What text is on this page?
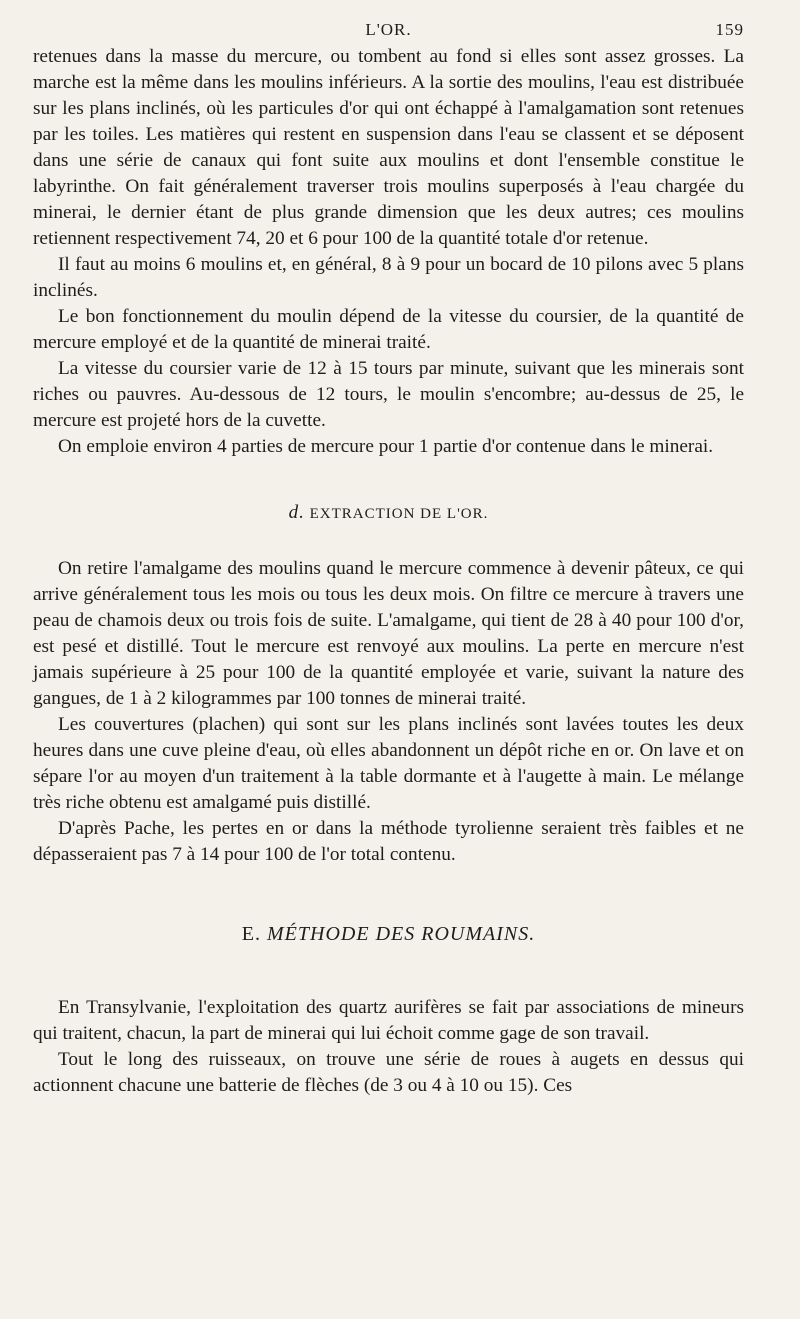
L'OR.	159

retenues dans la masse du mercure, ou tombent au fond si elles sont assez grosses. La marche est la même dans les moulins inférieurs. A la sortie des moulins, l'eau est distribuée sur les plans inclinés, où les particules d'or qui ont échappé à l'amalgamation sont retenues par les toiles. Les matières qui restent en suspension dans l'eau se classent et se déposent dans une série de canaux qui font suite aux moulins et dont l'ensemble constitue le labyrinthe. On fait généralement traverser trois moulins superposés à l'eau chargée du minerai, le dernier étant de plus grande dimension que les deux autres; ces moulins retiennent respectivement 74, 20 et 6 pour 100 de la quantité totale d'or retenue.

Il faut au moins 6 moulins et, en général, 8 à 9 pour un bocard de 10 pilons avec 5 plans inclinés.

Le bon fonctionnement du moulin dépend de la vitesse du coursier, de la quantité de mercure employé et de la quantité de minerai traité.

La vitesse du coursier varie de 12 à 15 tours par minute, suivant que les minerais sont riches ou pauvres. Au-dessous de 12 tours, le moulin s'encombre; au-dessus de 25, le mercure est projeté hors de la cuvette.

On emploie environ 4 parties de mercure pour 1 partie d'or contenue dans le minerai.

d. EXTRACTION DE L'OR.

On retire l'amalgame des moulins quand le mercure commence à devenir pâteux, ce qui arrive généralement tous les mois ou tous les deux mois. On filtre ce mercure à travers une peau de chamois deux ou trois fois de suite. L'amalgame, qui tient de 28 à 40 pour 100 d'or, est pesé et distillé. Tout le mercure est renvoyé aux moulins. La perte en mercure n'est jamais supérieure à 25 pour 100 de la quantité employée et varie, suivant la nature des gangues, de 1 à 2 kilogrammes par 100 tonnes de minerai traité.

Les couvertures (plachen) qui sont sur les plans inclinés sont lavées toutes les deux heures dans une cuve pleine d'eau, où elles abandonnent un dépôt riche en or. On lave et on sépare l'or au moyen d'un traitement à la table dormante et à l'augette à main. Le mélange très riche obtenu est amalgamé puis distillé.

D'après Pache, les pertes en or dans la méthode tyrolienne seraient très faibles et ne dépasseraient pas 7 à 14 pour 100 de l'or total contenu.

E. MÉTHODE DES ROUMAINS.

En Transylvanie, l'exploitation des quartz aurifères se fait par associations de mineurs qui traitent, chacun, la part de minerai qui lui échoit comme gage de son travail.

Tout le long des ruisseaux, on trouve une série de roues à augets en dessus qui actionnent chacune une batterie de flèches (de 3 ou 4 à 10 ou 15). Ces
